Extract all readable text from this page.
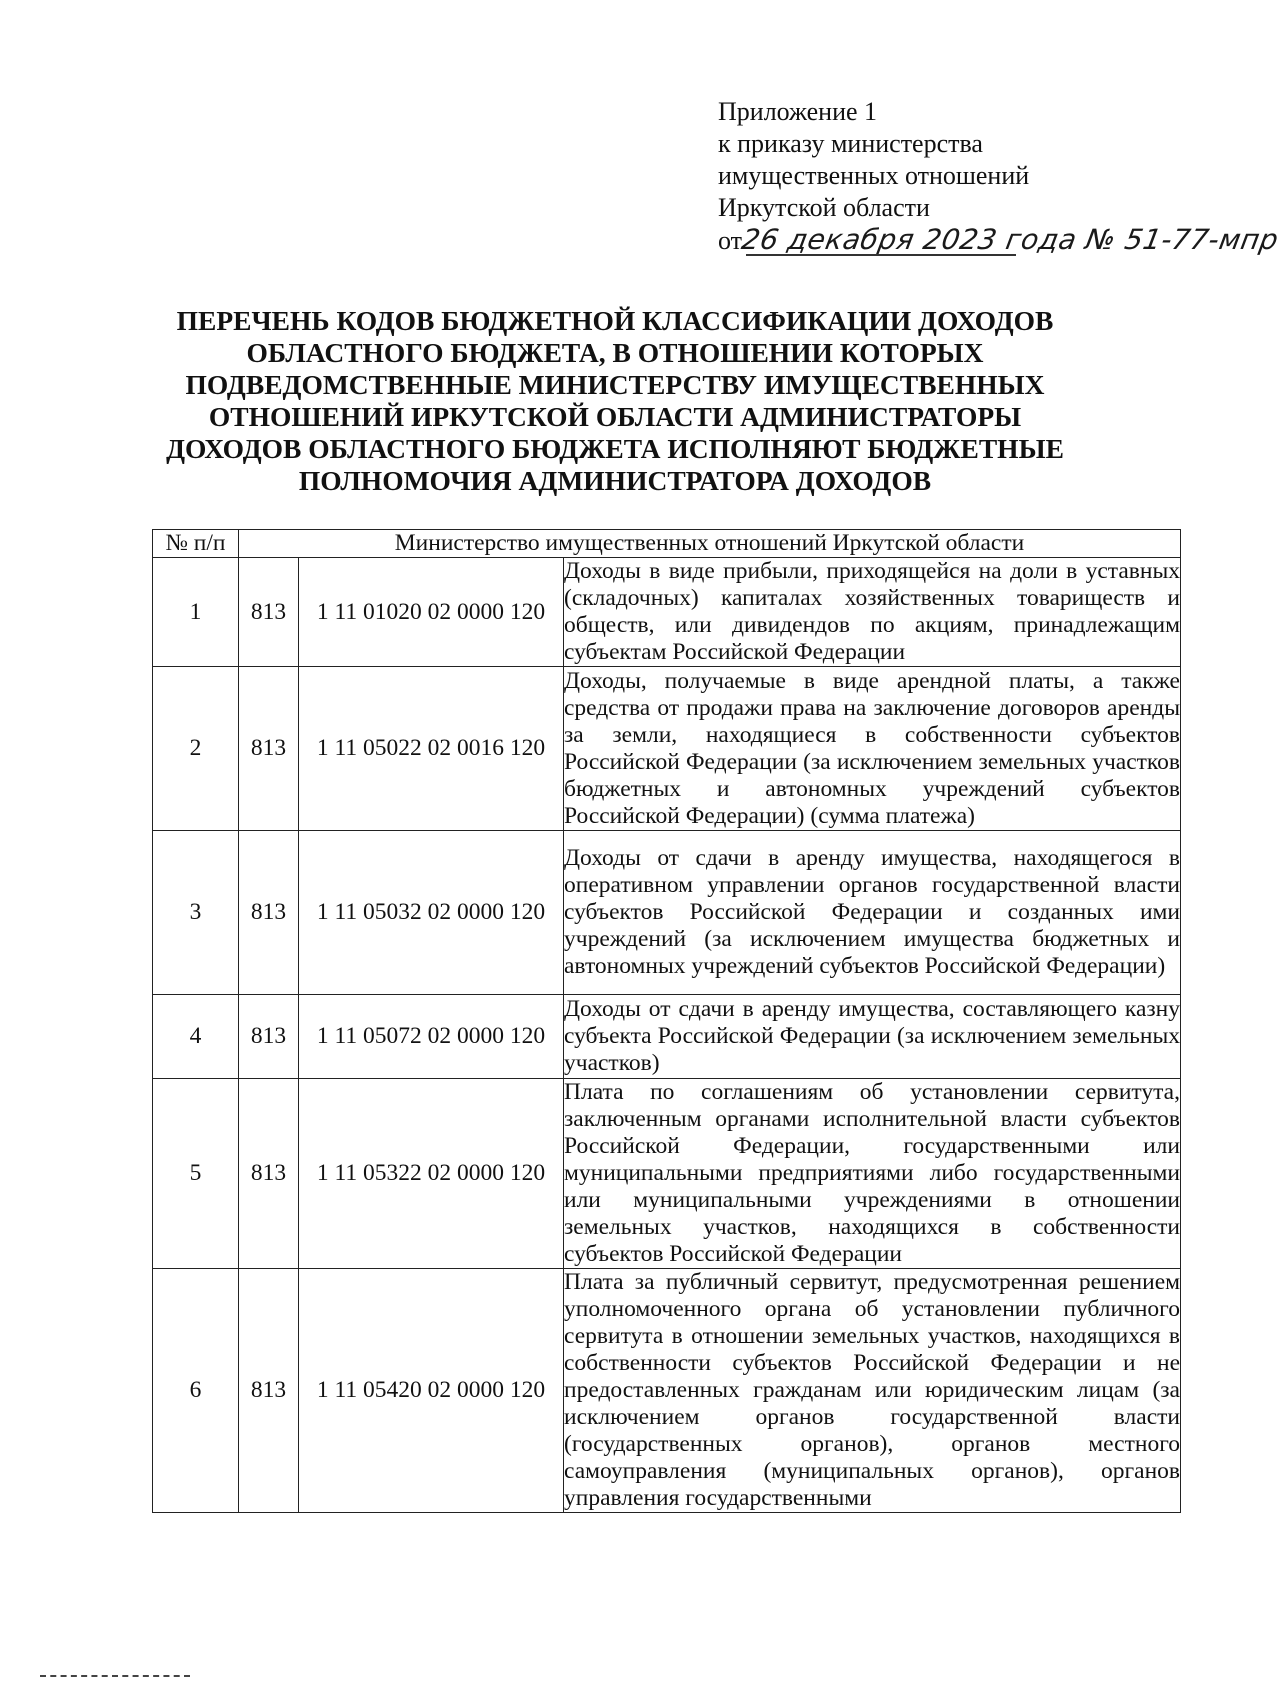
Приложение 1
к приказу министерства
имущественных отношений
Иркутской области
от26 декабря 2023 года № 51-77-мпр
ПЕРЕЧЕНЬ КОДОВ БЮДЖЕТНОЙ КЛАССИФИКАЦИИ ДОХОДОВ
ОБЛАСТНОГО БЮДЖЕТА, В ОТНОШЕНИИ КОТОРЫХ
ПОДВЕДОМСТВЕННЫЕ МИНИСТЕРСТВУ ИМУЩЕСТВЕННЫХ
ОТНОШЕНИЙ ИРКУТСКОЙ ОБЛАСТИ АДМИНИСТРАТОРЫ
ДОХОДОВ ОБЛАСТНОГО БЮДЖЕТА ИСПОЛНЯЮТ БЮДЖЕТНЫЕ
ПОЛНОМОЧИЯ АДМИНИСТРАТОРА ДОХОДОВ
№ п/п	Министерство имущественных отношений Иркутской области		
1	813	1 11 01020 02 0000 120	Доходы в виде прибыли, приходящейся на доли в уставных (складочных) капиталах хозяйственных товариществ и обществ, или дивидендов по акциям, принадлежащим субъектам Российской Федерации
2	813	1 11 05022 02 0016 120	Доходы, получаемые в виде арендной платы, а также средства от продажи права на заключение договоров аренды за земли, находящиеся в собственности субъектов Российской Федерации (за исключением земельных участков бюджетных и автономных учреждений субъектов Российской Федерации) (сумма платежа)
3	813	1 11 05032 02 0000 120	Доходы от сдачи в аренду имущества, находящегося в оперативном управлении органов государственной власти субъектов Российской Федерации и созданных ими учреждений (за исключением имущества бюджетных и автономных учреждений субъектов Российской Федерации)
4	813	1 11 05072 02 0000 120	Доходы от сдачи в аренду имущества, составляющего казну субъекта Российской Федерации (за исключением земельных участков)
5	813	1 11 05322 02 0000 120	Плата по соглашениям об установлении сервитута, заключенным органами исполнительной власти субъектов Российской Федерации, государственными или муниципальными предприятиями либо государственными или муниципальными учреждениями в отношении земельных участков, находящихся в собственности субъектов Российской Федерации
6	813	1 11 05420 02 0000 120	Плата за публичный сервитут, предусмотренная решением уполномоченного органа об установлении публичного сервитута в отношении земельных участков, находящихся в собственности субъектов Российской Федерации и не предоставленных гражданам или юридическим лицам (за исключением органов государственной власти (государственных органов), органов местного самоуправления (муниципальных органов), органов управления государственными
